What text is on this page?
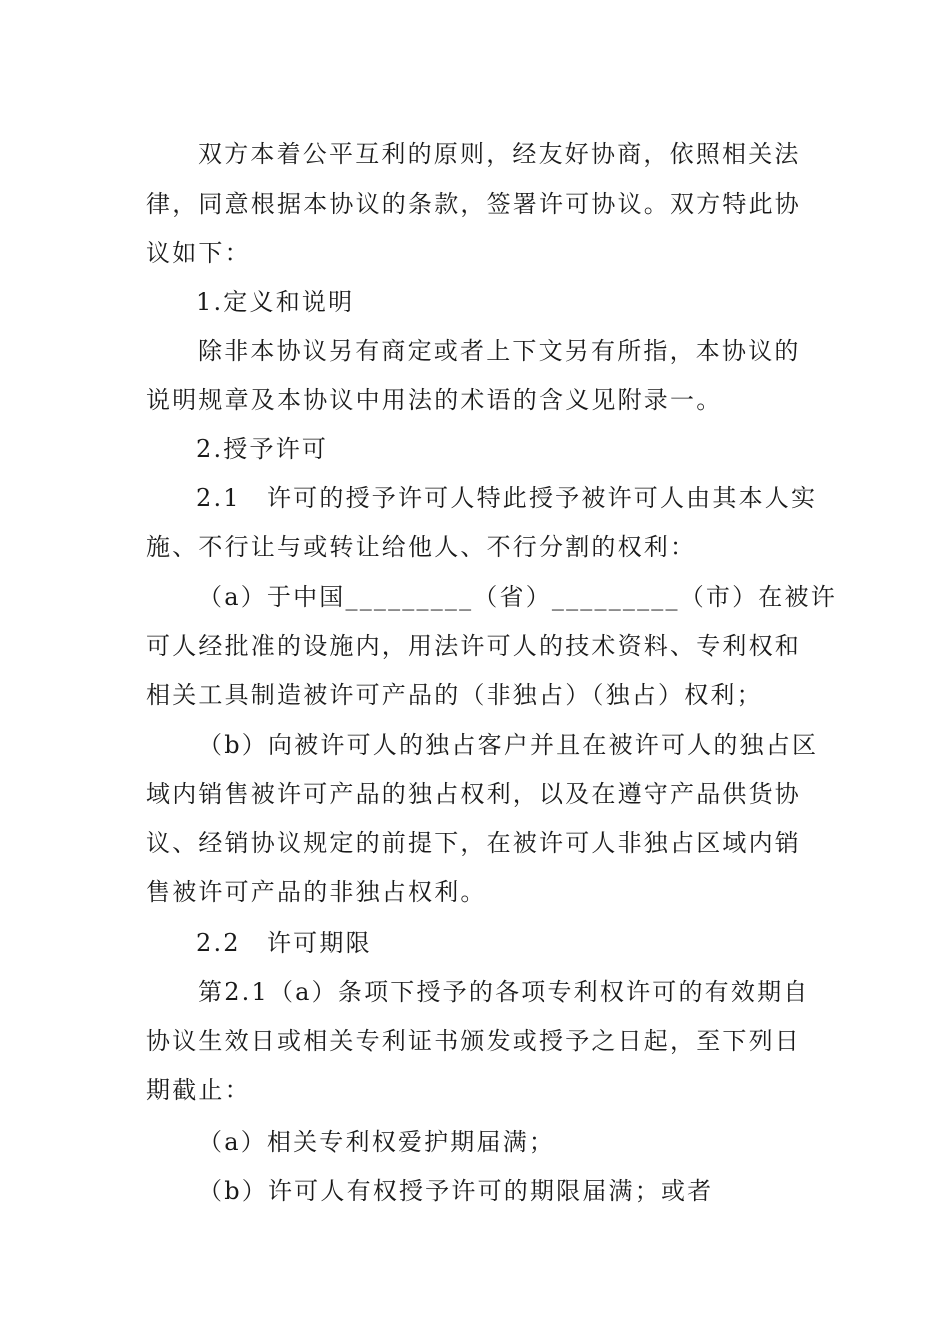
双方本着公平互利的原则，经友好协商，依照相关法
律，同意根据本协议的条款，签署许可协议。双方特此协
议如下：
1.定义和说明
除非本协议另有商定或者上下文另有所指，本协议的
说明规章及本协议中用法的术语的含义见附录一。
2.授予许可
2.1　许可的授予许可人特此授予被许可人由其本人实
施、不行让与或转让给他人、不行分割的权利：
（a）于中国_________（省）_________（市）在被许
可人经批准的设施内，用法许可人的技术资料、专利权和
相关工具制造被许可产品的（非独占）（独占）权利；
（b）向被许可人的独占客户并且在被许可人的独占区
域内销售被许可产品的独占权利，以及在遵守产品供货协
议、经销协议规定的前提下，在被许可人非独占区域内销
售被许可产品的非独占权利。
2.2　许可期限
第2.1（a）条项下授予的各项专利权许可的有效期自
协议生效日或相关专利证书颁发或授予之日起，至下列日
期截止：
（a）相关专利权爱护期届满；
（b）许可人有权授予许可的期限届满；或者
